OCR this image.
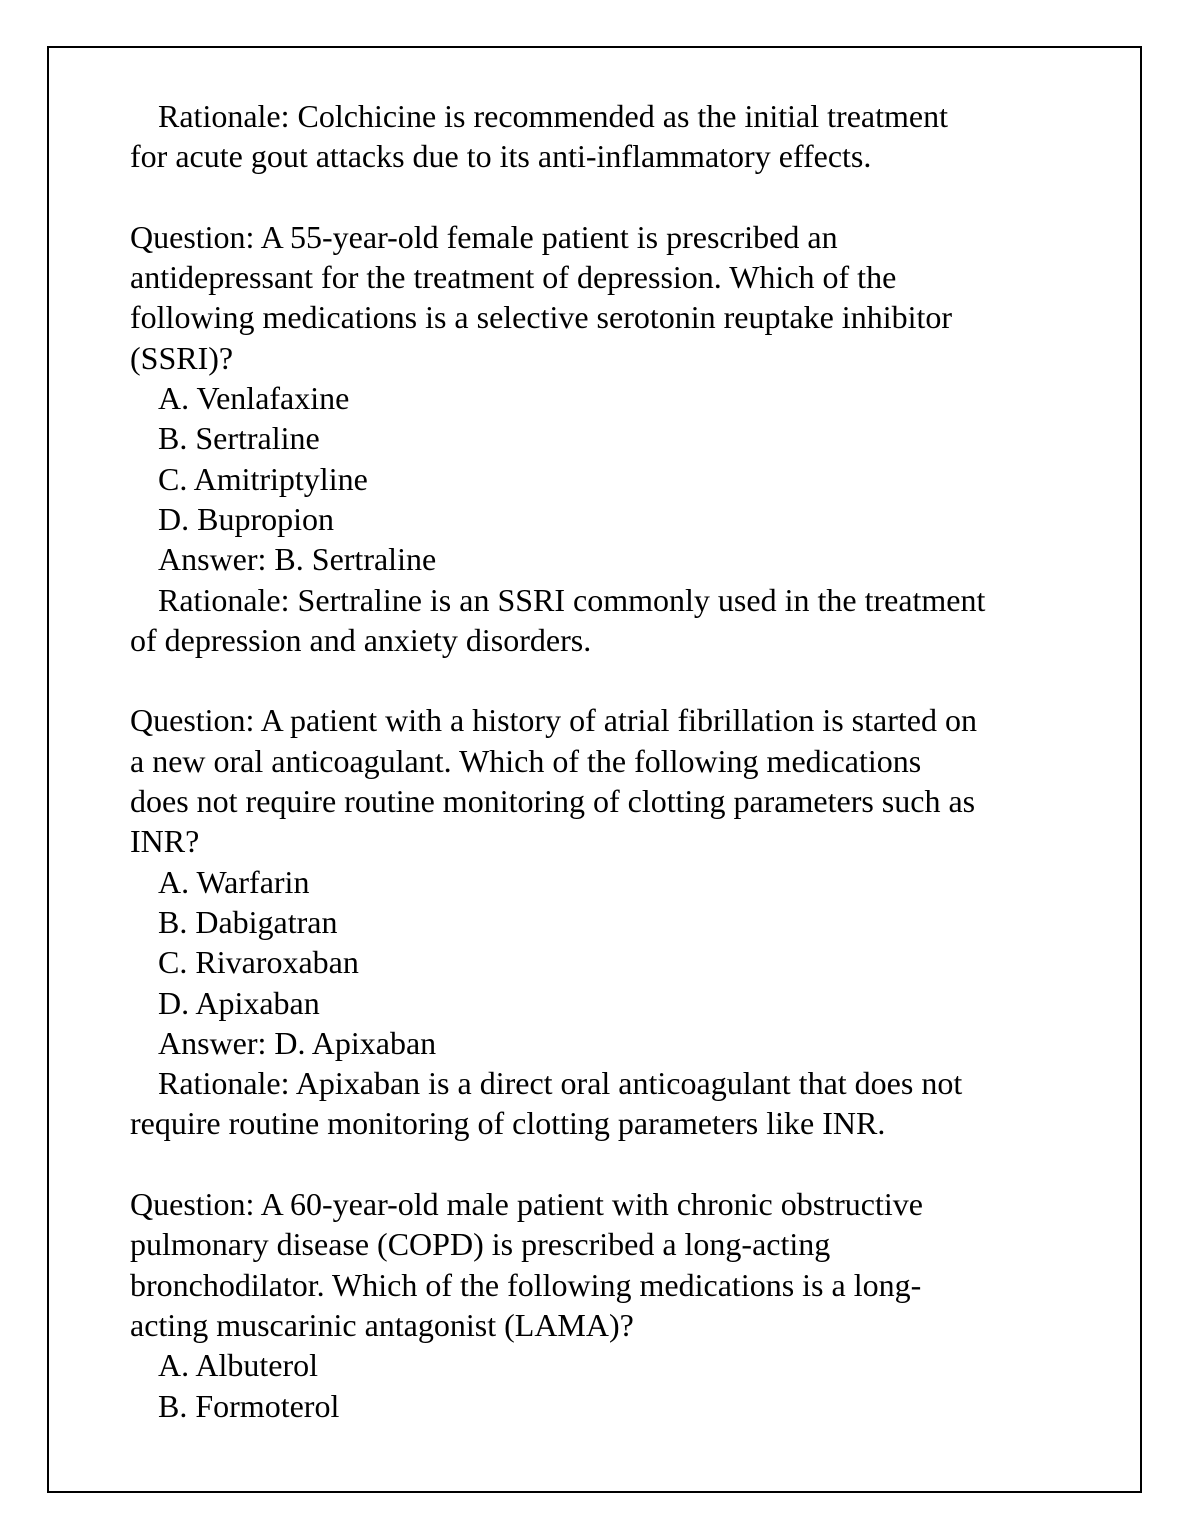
Rationale: Colchicine is recommended as the initial treatment
for acute gout attacks due to its anti-inflammatory effects.
Question: A 55-year-old female patient is prescribed an
antidepressant for the treatment of depression. Which of the
following medications is a selective serotonin reuptake inhibitor
(SSRI)?
A. Venlafaxine
B. Sertraline
C. Amitriptyline
D. Bupropion
Answer: B. Sertraline
Rationale: Sertraline is an SSRI commonly used in the treatment
of depression and anxiety disorders.
Question: A patient with a history of atrial fibrillation is started on
a new oral anticoagulant. Which of the following medications
does not require routine monitoring of clotting parameters such as
INR?
A. Warfarin
B. Dabigatran
C. Rivaroxaban
D. Apixaban
Answer: D. Apixaban
Rationale: Apixaban is a direct oral anticoagulant that does not
require routine monitoring of clotting parameters like INR.
Question: A 60-year-old male patient with chronic obstructive
pulmonary disease (COPD) is prescribed a long-acting
bronchodilator. Which of the following medications is a long-
acting muscarinic antagonist (LAMA)?
A. Albuterol
B. Formoterol
